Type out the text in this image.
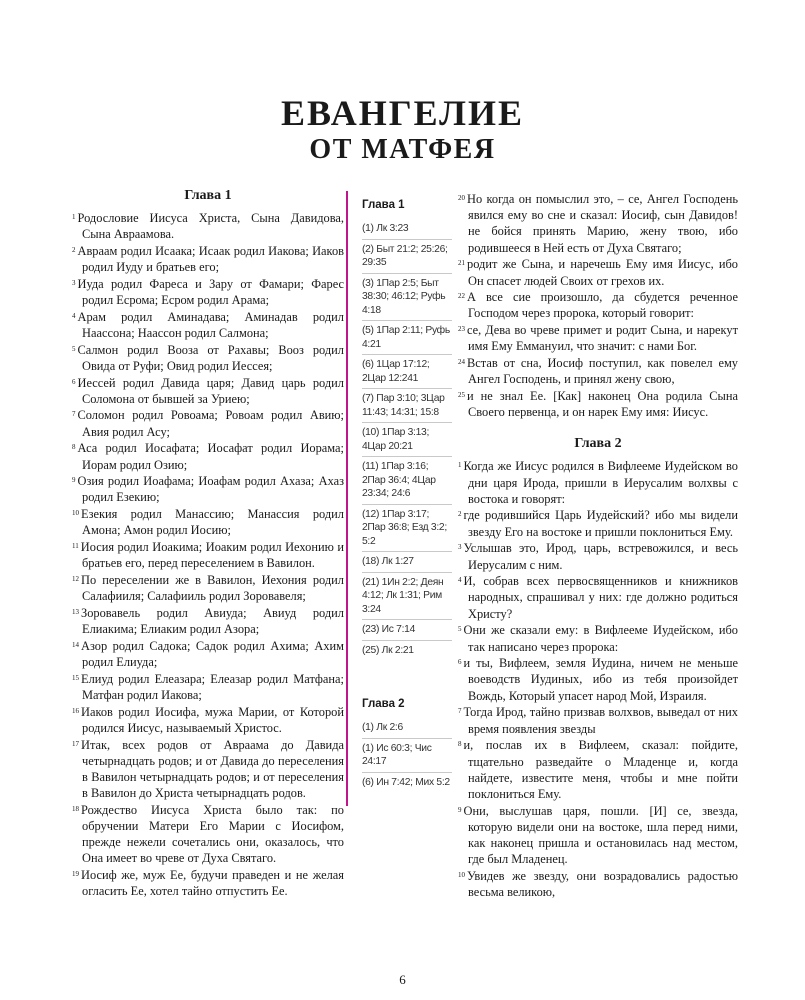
ЕВАНГЕЛИЕ
ОТ МАТФЕЯ
Глава 1

$^1$ Родословие Иисуса Христа, Сына Давидова, Сына Авраамова.

$^2$ Авраам родил Исаака; Исаак родил Иакова; Иаков родил Иуду и братьев его;

$^3$ Иуда родил Фареса и Зару от Фамари; Фарес родил Есрома; Есром родил Арама;

$^4$ Арам родил Аминадава; Аминадав родил Наассона; Наассон родил Салмона;

$^5$ Салмон родил Вооза от Рахавы; Вооз родил Овида от Руфи; Овид родил Иессея;

$^6$ Иессей родил Давида царя; Давид царь родил Соломона от бывшей за Уриею;

$^7$ Соломон родил Ровоама; Ровоам родил Авию; Авия родил Асу;

$^8$ Аса родил Иосафата; Иосафат родил Иорама; Иорам родил Озию;

$^9$ Озия родил Иоафама; Иоафам родил Ахаза; Ахаз родил Езекию;

$^{10}$ Езекия родил Манассию; Манассия родил Амона; Амон родил Иосию;

$^{11}$ Иосия родил Иоакима; Иоаким родил Иехонию и братьев его, перед переселением в Вавилон.

$^{12}$ По переселении же в Вавилон, Иехония родил Салафииля; Салафииль родил Зоровавеля;

$^{13}$ Зоровавель родил Авиуда; Авиуд родил Елиакима; Елиаким родил Азора;

$^{14}$ Азор родил Садока; Садок родил Ахима; Ахим родил Елиуда;

$^{15}$ Елиуд родил Елеазара; Елеазар родил Матфана; Матфан родил Иакова;

$^{16}$ Иаков родил Иосифа, мужа Марии, от Которой родился Иисус, называемый Христос.

$^{17}$ Итак, всех родов от Авраама до Давида четырнадцать родов; и от Давида до переселения в Вавилон четырнадцать родов; и от переселения в Вавилон до Христа четырнадцать родов.

$^{18}$ Рождество Иисуса Христа было так: по обручении Матери Его Марии с Иосифом, прежде нежели сочетались они, оказалось, что Она имеет во чреве от Духа Святаго.

$^{19}$ Иосиф же, муж Ее, будучи праведен и не желая огласить Ее, хотел тайно отпустить Ее.

Глава 1
(1) Лк 3:23
(2) Быт 21:2; 25:26; 29:35
(3) 1Пар 2:5; Быт 38:30; 46:12; Руфь 4:18
(5) 1Пар 2:11; Руфь 4:21
(6) 1Цар 17:12; 2Цар 12:241
(7) Пар 3:10; 3Цар 11:43; 14:31; 15:8
(10) 1Пар 3:13; 4Цар 20:21
(11) 1Пар 3:16; 2Пар 36:4; 4Цар 23:34; 24:6
(12) 1Пар 3:17; 2Пар 36:8; Езд 3:2; 5:2
(18) Лк 1:27
(21) 1Ин 2:2; Деян 4:12; Лк 1:31; Рим 3:24
(23) Ис 7:14
(25) Лк 2:21
Глава 2
(1) Лк 2:6
(1) Ис 60:3; Чис 24:17
(6) Ин 7:42; Мих 5:2

$^{20}$ Но когда он помыслил это, – се, Ангел Господень явился ему во сне и сказал: Иосиф, сын Давидов! не бойся принять Марию, жену твою, ибо родившееся в Ней есть от Духа Святаго;

$^{21}$ родит же Сына, и наречешь Ему имя Иисус, ибо Он спасет людей Своих от грехов их.

$^{22}$ А все сие произошло, да сбудется реченное Господом через пророка, который говорит:

$^{23}$ се, Дева во чреве примет и родит Сына, и нарекут имя Ему Еммануил, что значит: с нами Бог.

$^{24}$ Встав от сна, Иосиф поступил, как повелел ему Ангел Господень, и принял жену свою,

$^{25}$ и не знал Ее. [Как] наконец Она родила Сына Своего первенца, и он нарек Ему имя: Иисус.

Глава 2

$^1$ Когда же Иисус родился в Вифлееме Иудейском во дни царя Ирода, пришли в Иерусалим волхвы с востока и говорят:

$^2$ где родившийся Царь Иудейский? ибо мы видели звезду Его на востоке и пришли поклониться Ему.

$^3$ Услышав это, Ирод, царь, встревожился, и весь Иерусалим с ним.

$^4$ И, собрав всех первосвященников и книжников народных, спрашивал у них: где должно родиться Христу?

$^5$ Они же сказали ему: в Вифлееме Иудейском, ибо так написано через пророка:

$^6$ и ты, Вифлеем, земля Иудина, ничем не меньше воеводств Иудиных, ибо из тебя произойдет Вождь, Который упасет народ Мой, Израиля.

$^7$ Тогда Ирод, тайно призвав волхвов, выведал от них время появления звезды

$^8$ и, послав их в Вифлеем, сказал: пойдите, тщательно разведайте о Младенце и, когда найдете, известите меня, чтобы и мне пойти поклониться Ему.

$^9$ Они, выслушав царя, пошли. [И] се, звезда, которую видели они на востоке, шла перед ними, как наконец пришла и остановилась над местом, где был Младенец.

$^{10}$ Увидев же звезду, они возрадовались радостью весьма великою,

6
